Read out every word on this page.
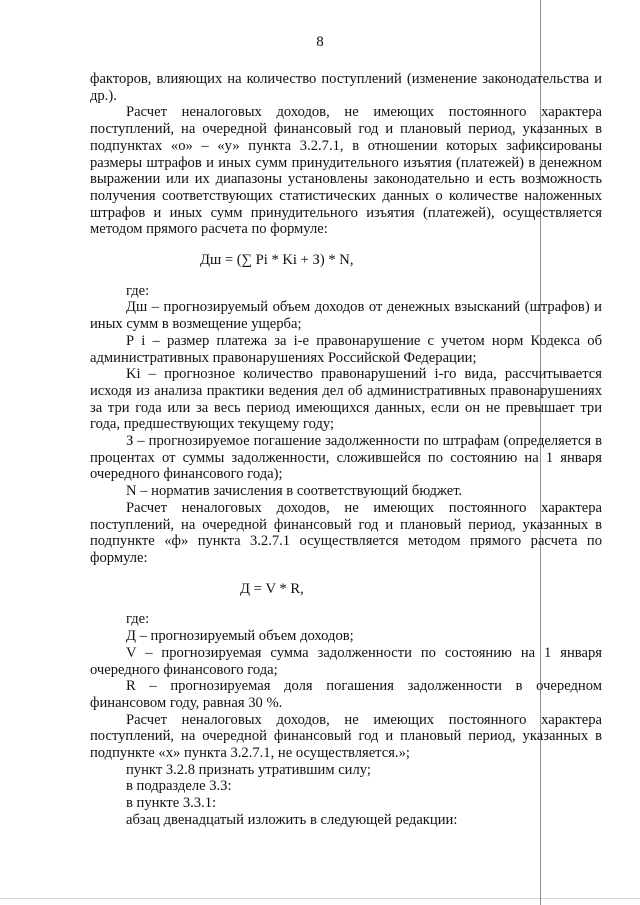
8

факторов, влияющих на количество поступлений (изменение законодательства и др.).

Расчет неналоговых доходов, не имеющих постоянного характера поступлений, на очередной финансовый год и плановый период, указанных в подпунктах «о» – «у» пункта 3.2.7.1, в отношении которых зафиксированы размеры штрафов и иных сумм принудительного изъятия (платежей) в денежном выражении или их диапазоны установлены законодательно и есть возможность получения соответствующих статистических данных о количестве наложенных штрафов и иных сумм принудительного изъятия (платежей), осуществляется методом прямого расчета по формуле:

Дш = (∑ Pi * Ki + З) * N,

где:

Дш – прогнозируемый объем доходов от денежных взысканий (штрафов) и иных сумм в возмещение ущерба;

Р i – размер платежа за i-е правонарушение с учетом норм Кодекса об административных правонарушениях Российской Федерации;

Ki – прогнозное количество правонарушений i-го вида, рассчитывается исходя из анализа практики ведения дел об административных правонарушениях за три года или за весь период имеющихся данных, если он не превышает три года, предшествующих текущему году;

З – прогнозируемое погашение задолженности по штрафам (определяется в процентах от суммы задолженности, сложившейся по состоянию на 1 января очередного финансового года);

N – норматив зачисления в соответствующий бюджет.

Расчет неналоговых доходов, не имеющих постоянного характера поступлений, на очередной финансовый год и плановый период, указанных в подпункте «ф» пункта 3.2.7.1 осуществляется методом прямого расчета по формуле:

Д = V * R,

где:

Д – прогнозируемый объем доходов;

V – прогнозируемая сумма задолженности по состоянию на 1 января очередного финансового года;

R – прогнозируемая доля погашения задолженности в очередном финансовом году, равная 30 %.

Расчет неналоговых доходов, не имеющих постоянного характера поступлений, на очередной финансовый год и плановый период, указанных в подпункте «х» пункта 3.2.7.1, не осуществляется.»;

пункт 3.2.8 признать утратившим силу;

в подразделе 3.3:

в пункте 3.3.1:

абзац двенадцатый изложить в следующей редакции:
